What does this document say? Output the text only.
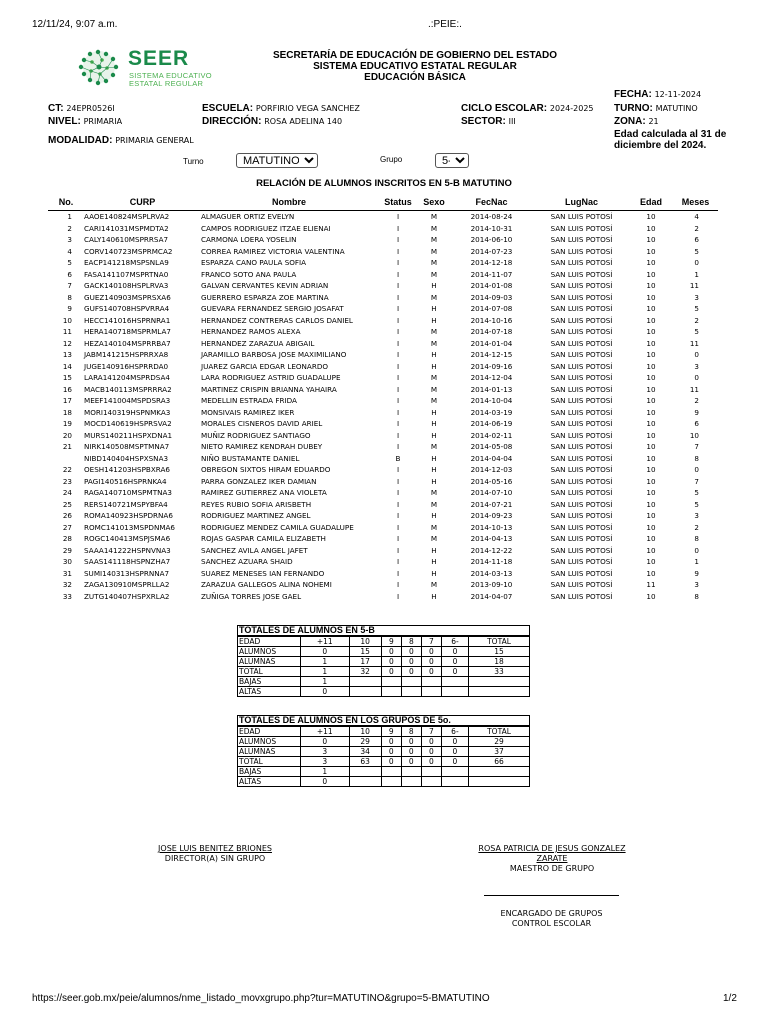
12/11/24, 9:07 a.m.	.:PEIE:.
SEER
SISTEMA EDUCATIVO
ESTATAL REGULAR
SECRETARÍA DE EDUCACIÓN DE GOBIERNO DEL ESTADO
SISTEMA EDUCATIVO ESTATAL REGULAR
EDUCACIÓN BÁSICA
CT: 24EPR0526I
NIVEL: PRIMARIA
MODALIDAD: PRIMARIA GENERAL
ESCUELA: PORFIRIO VEGA SANCHEZ
DIRECCIÓN: ROSA ADELINA 140
CICLO ESCOLAR: 2024-2025
SECTOR: III
FECHA: 12-11-2024
TURNO: MATUTINO
ZONA: 21
Edad calculada al 31 de diciembre del 2024.
Turno
MATUTINO	Grupo
5-B
RELACIÓN DE ALUMNOS INSCRITOS EN 5-B MATUTINO
No.	CURP	Nombre	Status	Sexo	FecNac	LugNac	Edad	Meses
1	AAOE140824MSPLRVA2	ALMAGUER ORTIZ EVELYN	I	M	2014-08-24	SAN LUIS POTOSÍ	10	4
2	CARI141031MSPMDTA2	CAMPOS RODRIGUEZ ITZAE ELIENAI	I	M	2014-10-31	SAN LUIS POTOSÍ	10	2
3	CALY140610MSPRRSA7	CARMONA LOERA YOSELIN	I	M	2014-06-10	SAN LUIS POTOSÍ	10	6
4	CORV140723MSPRMCA2	CORREA RAMIREZ VICTORIA VALENTINA	I	M	2014-07-23	SAN LUIS POTOSÍ	10	5
5	EACP141218MSPSNLA9	ESPARZA CANO PAULA SOFIA	I	M	2014-12-18	SAN LUIS POTOSÍ	10	0
6	FASA141107MSPRTNA0	FRANCO SOTO ANA PAULA	I	M	2014-11-07	SAN LUIS POTOSÍ	10	1
7	GACK140108HSPLRVA3	GALVAN CERVANTES KEVIN ADRIAN	I	H	2014-01-08	SAN LUIS POTOSÍ	10	11
8	GUEZ140903MSPRSXA6	GUERRERO ESPARZA ZOE MARTINA	I	M	2014-09-03	SAN LUIS POTOSÍ	10	3
9	GUFS140708HSPVRRA4	GUEVARA FERNANDEZ SERGIO JOSAFAT	I	H	2014-07-08	SAN LUIS POTOSÍ	10	5
10	HECC141016HSPRNRA1	HERNANDEZ CONTRERAS CARLOS DANIEL	I	H	2014-10-16	SAN LUIS POTOSÍ	10	2
11	HERA140718MSPRMLA7	HERNANDEZ RAMOS ALEXA	I	M	2014-07-18	SAN LUIS POTOSÍ	10	5
12	HEZA140104MSPRRBA7	HERNANDEZ ZARAZUA ABIGAIL	I	M	2014-01-04	SAN LUIS POTOSÍ	10	11
13	JABM141215HSPRRXA8	JARAMILLO BARBOSA JOSE MAXIMILIANO	I	H	2014-12-15	SAN LUIS POTOSÍ	10	0
14	JUGE140916HSPRRDA0	JUAREZ GARCIA EDGAR LEONARDO	I	H	2014-09-16	SAN LUIS POTOSÍ	10	3
15	LARA141204MSPRDSA4	LARA RODRIGUEZ ASTRID GUADALUPE	I	M	2014-12-04	SAN LUIS POTOSÍ	10	0
16	MACB140113MSPRRRA2	MARTINEZ CRISPIN BRIANNA YAHAIRA	I	M	2014-01-13	SAN LUIS POTOSÍ	10	11
17	MEEF141004MSPDSRA3	MEDELLIN ESTRADA FRIDA	I	M	2014-10-04	SAN LUIS POTOSÍ	10	2
18	MORI140319HSPNMKA3	MONSIVAIS RAMIREZ IKER	I	H	2014-03-19	SAN LUIS POTOSÍ	10	9
19	MOCD140619HSPRSVA2	MORALES CISNEROS DAVID ARIEL	I	H	2014-06-19	SAN LUIS POTOSÍ	10	6
20	MURS140211HSPXDNA1	MUÑIZ RODRIGUEZ SANTIAGO	I	H	2014-02-11	SAN LUIS POTOSÍ	10	10
21	NIRK140508MSPTMNA7	NIETO RAMIREZ KENDRAH DUBEY	I	M	2014-05-08	SAN LUIS POTOSÍ	10	7
	NIBD140404HSPXSNA3	NIÑO BUSTAMANTE DANIEL	B	H	2014-04-04	SAN LUIS POTOSÍ	10	8
22	OESH141203HSPBXRA6	OBREGON SIXTOS HIRAM EDUARDO	I	H	2014-12-03	SAN LUIS POTOSÍ	10	0
23	PAGI140516HSPRNKA4	PARRA GONZALEZ IKER DAMIAN	I	H	2014-05-16	SAN LUIS POTOSÍ	10	7
24	RAGA140710MSPMTNA3	RAMIREZ GUTIERREZ ANA VIOLETA	I	M	2014-07-10	SAN LUIS POTOSÍ	10	5
25	RERS140721MSPYBFA4	REYES RUBIO SOFIA ARISBETH	I	M	2014-07-21	SAN LUIS POTOSÍ	10	5
26	ROMA140923HSPDRNA6	RODRIGUEZ MARTINEZ ANGEL	I	H	2014-09-23	SAN LUIS POTOSÍ	10	3
27	ROMC141013MSPDNMA6	RODRIGUEZ MENDEZ CAMILA GUADALUPE	I	M	2014-10-13	SAN LUIS POTOSÍ	10	2
28	ROGC140413MSPJSMA6	ROJAS GASPAR CAMILA ELIZABETH	I	M	2014-04-13	SAN LUIS POTOSÍ	10	8
29	SAAA141222HSPNVNA3	SANCHEZ AVILA ANGEL JAFET	I	H	2014-12-22	SAN LUIS POTOSÍ	10	0
30	SAAS141118HSPNZHA7	SANCHEZ AZUARA SHAID	I	H	2014-11-18	SAN LUIS POTOSÍ	10	1
31	SUMI140313HSPRNNA7	SUAREZ MENESES IAN FERNANDO	I	H	2014-03-13	SAN LUIS POTOSÍ	10	9
32	ZAGA130910MSPRLLA2	ZARAZUA GALLEGOS ALINA NOHEMI	I	M	2013-09-10	SAN LUIS POTOSÍ	11	3
33	ZUTG140407HSPXRLA2	ZUÑIGA TORRES JOSE GAEL	I	H	2014-04-07	SAN LUIS POTOSÍ	10	8
TOTALES DE ALUMNOS EN 5-B							
EDAD	+11	10	9	8	7	6-	TOTAL
ALUMNOS	0	15	0	0	0	0	15
ALUMNAS	1	17	0	0	0	0	18
TOTAL	1	32	0	0	0	0	33
BAJAS	1						
ALTAS	0						
TOTALES DE ALUMNOS EN LOS GRUPOS DE 5o.							
EDAD	+11	10	9	8	7	6-	TOTAL
ALUMNOS	0	29	0	0	0	0	29
ALUMNAS	3	34	0	0	0	0	37
TOTAL	3	63	0	0	0	0	66
BAJAS	1						
ALTAS	0						
JOSE LUIS BENITEZ BRIONES
DIRECTOR(A) SIN GRUPO
ROSA PATRICIA DE JESUS GONZALEZ ZARATE
MAESTRO DE GRUPO
ENCARGADO DE GRUPOS
CONTROL ESCOLAR
https://seer.gob.mx/peie/alumnos/nme_listado_movxgrupo.php?tur=MATUTINO&grupo=5-BMATUTINO	1/2
